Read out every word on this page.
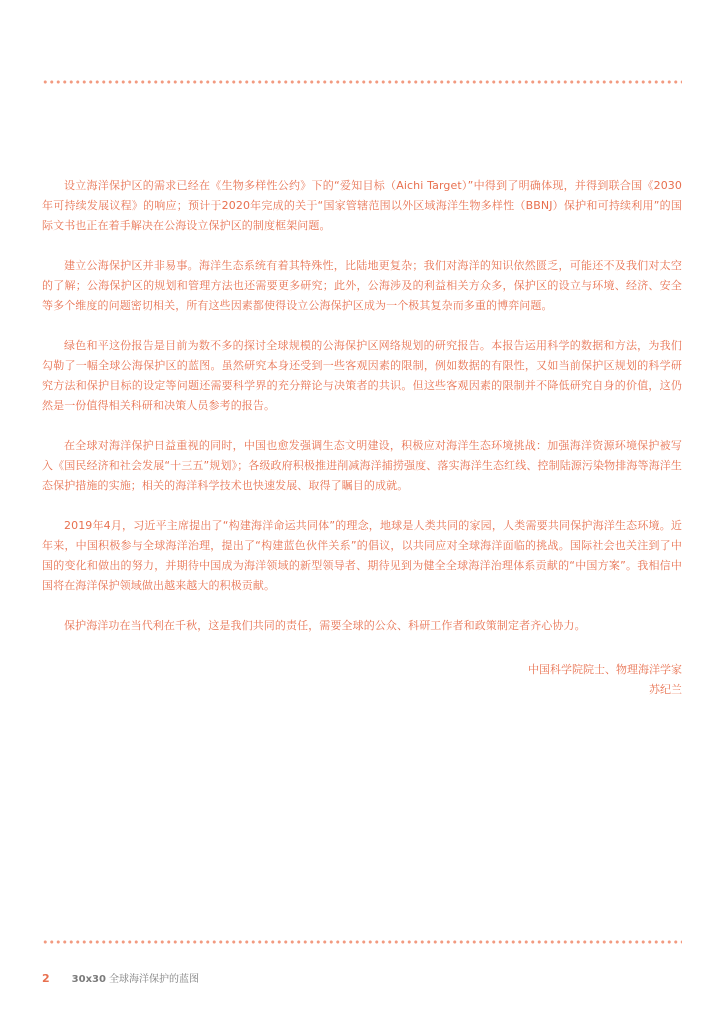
设立海洋保护区的需求已经在《生物多样性公约》下的“爱知目标（Aichi Target）”中得到了明确体现，并得到联合国《2030年可持续发展议程》的响应；预计于2020年完成的关于“国家管辖范围以外区域海洋生物多样性（BBNJ）保护和可持续利用”的国际文书也正在着手解决在公海设立保护区的制度框架问题。

建立公海保护区并非易事。海洋生态系统有着其特殊性，比陆地更复杂；我们对海洋的知识依然匮乏，可能还不及我们对太空的了解；公海保护区的规划和管理方法也还需要更多研究；此外，公海涉及的利益相关方众多，保护区的设立与环境、经济、安全等多个维度的问题密切相关，所有这些因素都使得设立公海保护区成为一个极其复杂而多重的博弈问题。

绿色和平这份报告是目前为数不多的探讨全球规模的公海保护区网络规划的研究报告。本报告运用科学的数据和方法，为我们勾勒了一幅全球公海保护区的蓝图。虽然研究本身还受到一些客观因素的限制，例如数据的有限性，又如当前保护区规划的科学研究方法和保护目标的设定等问题还需要科学界的充分辩论与决策者的共识。但这些客观因素的限制并不降低研究自身的价值，这仍然是一份值得相关科研和决策人员参考的报告。

在全球对海洋保护日益重视的同时，中国也愈发强调生态文明建设，积极应对海洋生态环境挑战：加强海洋资源环境保护被写入《国民经济和社会发展“十三五”规划》；各级政府积极推进削减海洋捕捞强度、落实海洋生态红线、控制陆源污染物排海等海洋生态保护措施的实施；相关的海洋科学技术也快速发展、取得了瞩目的成就。

2019年4月，习近平主席提出了“构建海洋命运共同体”的理念，地球是人类共同的家园，人类需要共同保护海洋生态环境。近年来，中国积极参与全球海洋治理，提出了“构建蓝色伙伴关系”的倡议，以共同应对全球海洋面临的挑战。国际社会也关注到了中国的变化和做出的努力，并期待中国成为海洋领域的新型领导者、期待见到为健全全球海洋治理体系贡献的“中国方案”。我相信中国将在海洋保护领域做出越来越大的积极贡献。

保护海洋功在当代利在千秋，这是我们共同的责任，需要全球的公众、科研工作者和政策制定者齐心协力。

中国科学院院士、物理海洋学家
苏纪兰
2 30x30 全球海洋保护的蓝图
